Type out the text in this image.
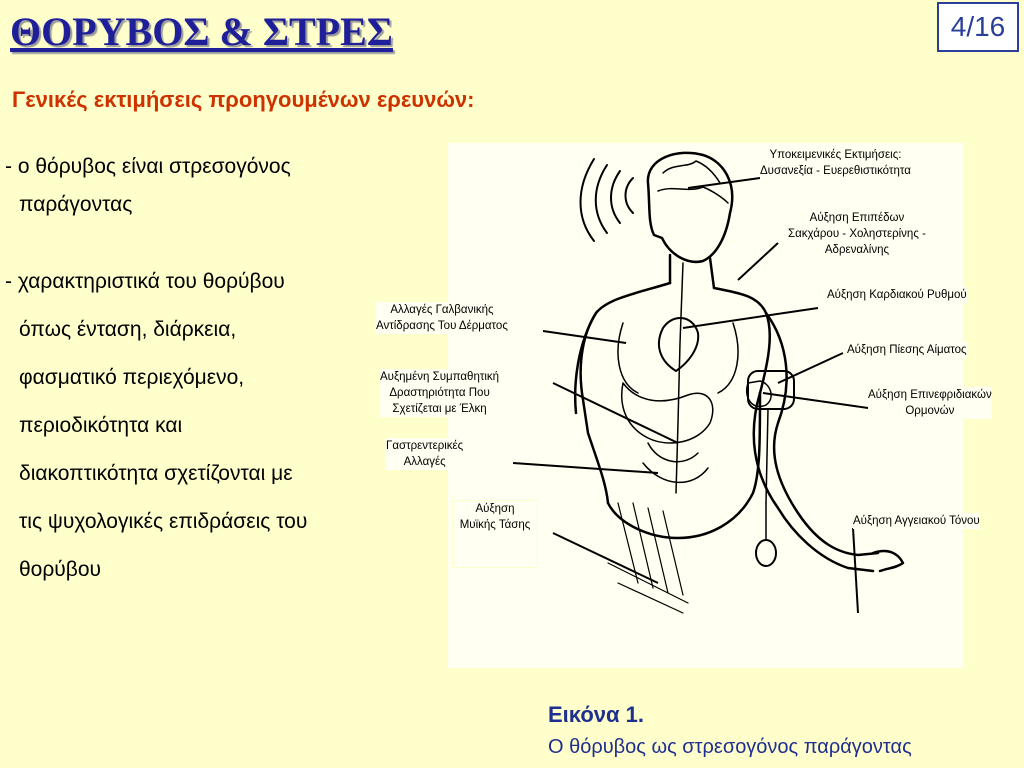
ΘΟΡΥΒΟΣ & ΣΤΡΕΣ	4/16
Γενικές εκτιμήσεις προηγουμένων ερευνών:
- ο θόρυβος είναι στρεσογόνος
παράγοντας
- χαρακτηριστικά του θορύβου
όπως ένταση, διάρκεια,
φασματικό περιεχόμενο,
περιοδικότητα και
διακοπτικότητα σχετίζονται με
τις ψυχολογικές επιδράσεις του
θορύβου
Υποκειμενικές Εκτιμήσεις:
Δυσανεξία - Ευερεθιστικότητα
Αύξηση Επιπέδων
Σακχάρου - Χοληστερίνης -
Αδρεναλίνης
Αύξηση Καρδιακού Ρυθμού
Αύξηση Πίεσης Αίματος
Αύξηση Επινεφριδιακών
Ορμονών
Αύξηση Αγγειακού Τόνου
Αλλαγές Γαλβανικής
Αντίδρασης Του Δέρματος
Αυξημένη Συμπαθητική
Δραστηριότητα Που
Σχετίζεται με Έλκη
Γαστρεντερικές
Αλλαγές
Αύξηση
Μυϊκής Τάσης
Εικόνα 1.
Ο θόρυβος ως στρεσογόνος παράγοντας
